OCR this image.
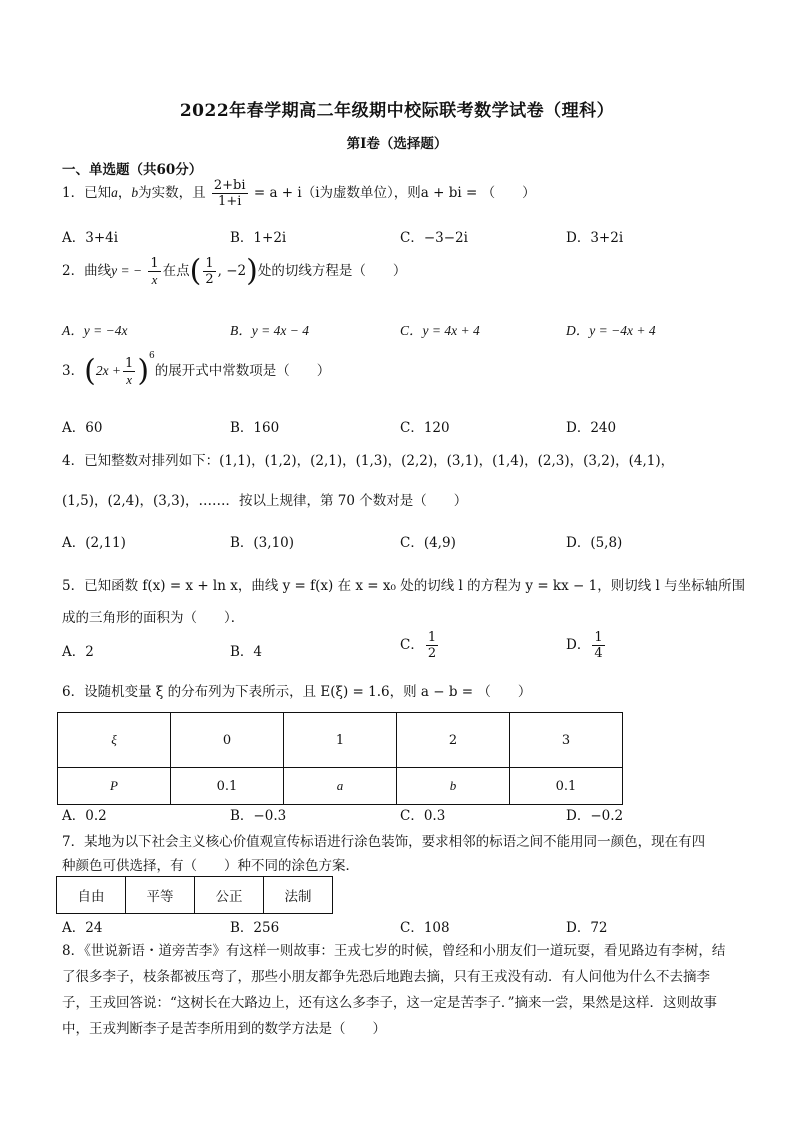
2022年春学期高二年级期中校际联考数学试卷（理科）
第Ⅰ卷（选择题）
一、单选题（共60分）
1．已知a，b为实数，且 $\frac{2+bi}{1+i} = a + i(i$为虚数单位），则a + bi = （　　）
A．3+4i	B．1+2i	C．−3−2i	D．3+2i
2．曲线y = − $\frac{1}{x}$ 在点( $\frac{1}{2}$ , −2)处的切线方程是（　　）
A．y = −4x	B．y = 4x − 4	C．y = 4x + 4	D．y = −4x + 4
3．$(2x + \frac{1}{x} )^6$的展开式中常数项是（　　）
A．60	B．160	C．120	D．240
4．已知整数对排列如下：(1,1)，(1,2)，(2,1)，(1,3)，(2,2)，(3,1)，(1,4)，(2,3)，(3,2)，(4,1)，
(1,5)，(2,4)，(3,3)，……．按以上规律，第 70 个数对是（　　）
A．(2,11)	B．(3,10)	C．(4,9)	D．(5,8)
5．已知函数 f(x) = x + ln x，曲线 y = f(x) 在 x = x₀ 处的切线 l 的方程为 y = kx − 1，则切线 l 与坐标轴所围
成的三角形的面积为（　　）．
A．2	B．4	C． $\frac{1}{2}$	D． $\frac{1}{4}$
6．设随机变量 ξ 的分布列为下表所示，且 E(ξ) = 1.6，则 a − b = （　　）
ξ	0	1	2	3
P	0.1	a	b	0.1
A．0.2	B．−0.3	C．0.3	D．−0.2
7．某地为以下社会主义核心价值观宣传标语进行涂色装饰，要求相邻的标语之间不能用同一颜色，现在有四
种颜色可供选择，有（　　）种不同的涂色方案．
自由	平等	公正	法制
A．24	B．256	C．108	D．72
8．《世说新语・道旁苦李》有这样一则故事：王戎七岁的时候，曾经和小朋友们一道玩耍，看见路边有李树，结了很多李子，枝条都被压弯了，那些小朋友都争先恐后地跑去摘，只有王戎没有动．有人问他为什么不去摘李子，王戎回答说：“这树长在大路边上，还有这么多李子，这一定是苦李子．”摘来一尝，果然是这样．这则故事中，王戎判断李子是苦李所用到的数学方法是（　　）
